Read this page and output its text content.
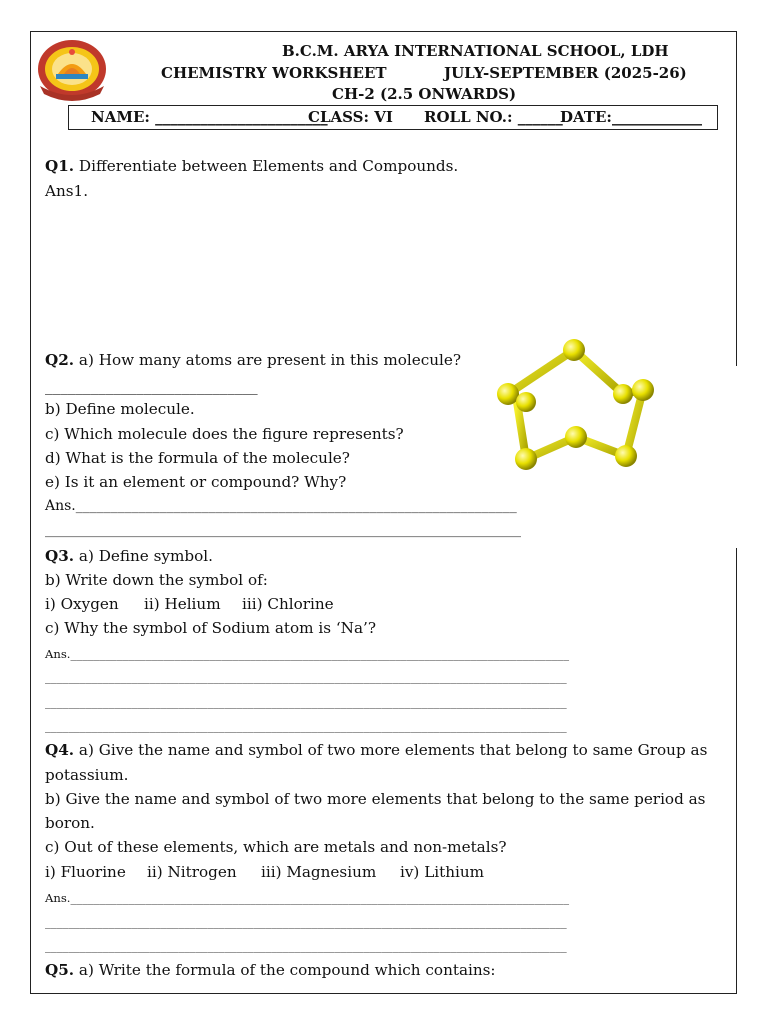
B.C.M. ARYA INTERNATIONAL SCHOOL, LDH
CHEMISTRY WORKSHEET	JULY-SEPTEMBER (2025-26)
CH-2 (2.5 ONWARDS)
NAME: _______________________
CLASS: VI ROLL NO.: ______
DATE:____________
Q1. Differentiate between Elements and Compounds.
Ans1.
Q2. a) How many atoms are present in this molecule?
____________________________
b) Define molecule.
c) Which molecule does the figure represents?
d) What is the formula of the molecule?
e) Is it an element or compound? Why?
Ans._______________________________________________________________
____________________________________________________________________
Q3. a) Define symbol.
b) Write down the symbol of:
i) Oxygen ii) Helium iii) Chlorine
c) Why the symbol of Sodium atom is ‘Na’?
Ans.______________________________________________________________________________________
__________________________________________________________________________________________
__________________________________________________________________________________________
__________________________________________________________________________________________
Q4. a) Give the name and symbol of two more elements that belong to same Group as
potassium.
b) Give the name and symbol of two more elements that belong to the same period as
boron.
c) Out of these elements, which are metals and non-metals?
i) Fluorine ii) Nitrogen iii) Magnesium iv) Lithium
Ans.______________________________________________________________________________________
__________________________________________________________________________________________
__________________________________________________________________________________________
Q5. a) Write the formula of the compound which contains:
